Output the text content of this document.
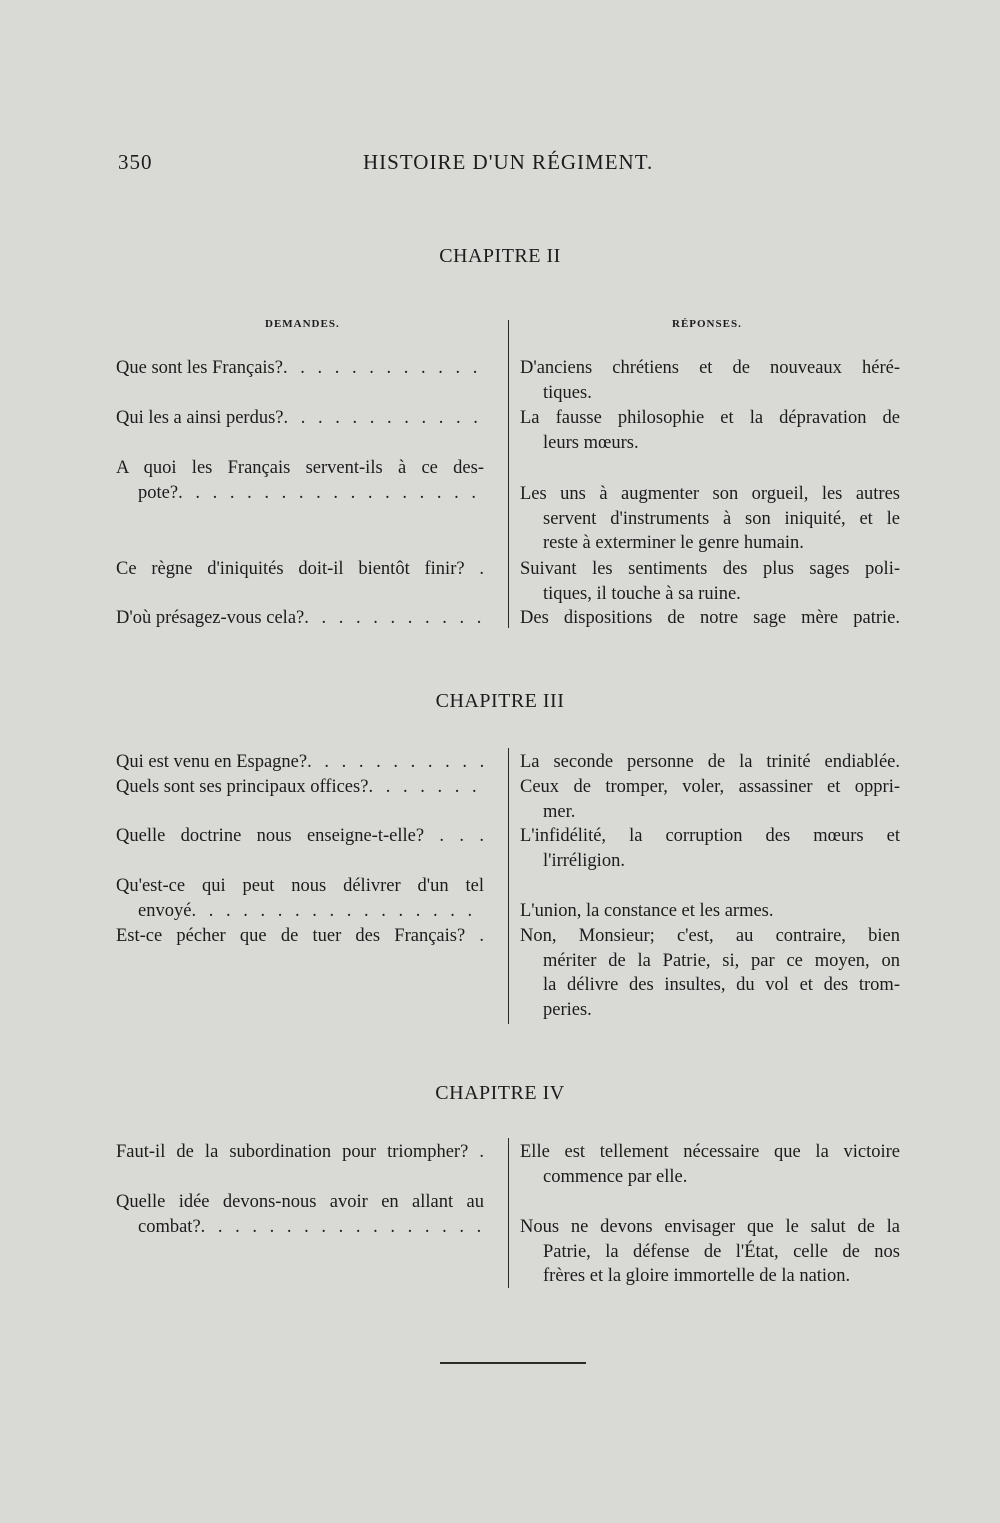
350	HISTOIRE D'UN RÉGIMENT.
CHAPITRE II
DEMANDES.	RÉPONSES.
Que sont les Français? . . .	D'anciens chrétiens et de nouveaux héré-
tiques.
Qui les a ainsi perdus? . . .	La fausse philosophie et la dépravation de
leurs mœurs.
A quoi les Français servent-ils à ce des-
pote? . . .	Les uns à augmenter son orgueil, les autres
servent d'instruments à son iniquité, et le
reste à exterminer le genre humain.
Ce règne d'iniquités doit-il bientôt finir? . Suivant les sentiments des plus sages poli-
tiques, il touche à sa ruine.
D'où présagez-vous cela? . . .	Des dispositions de notre sage mère patrie.
CHAPITRE III
Qui est venu en Espagne? . . .	La seconde personne de la trinité endiablée.
Quels sont ses principaux offices? . . .	Ceux de tromper, voler, assassiner et oppri-
mer.
Quelle doctrine nous enseigne-t-elle? . . . L'infidélité, la corruption des mœurs et
l'irréligion.
Qu'est-ce qui peut nous délivrer d'un tel
envoyé . . .	L'union, la constance et les armes.
Est-ce pécher que de tuer des Français? . Non, Monsieur; c'est, au contraire, bien
mériter de la Patrie, si, par ce moyen, on
la délivre des insultes, du vol et des trom-
peries.
CHAPITRE IV
Faut-il de la subordination pour triompher? . Elle est tellement nécessaire que la victoire
commence par elle.
Quelle idée devons-nous avoir en allant au
combat? . . .	Nous ne devons envisager que le salut de la
Patrie, la défense de l'État, celle de nos
frères et la gloire immortelle de la nation.
